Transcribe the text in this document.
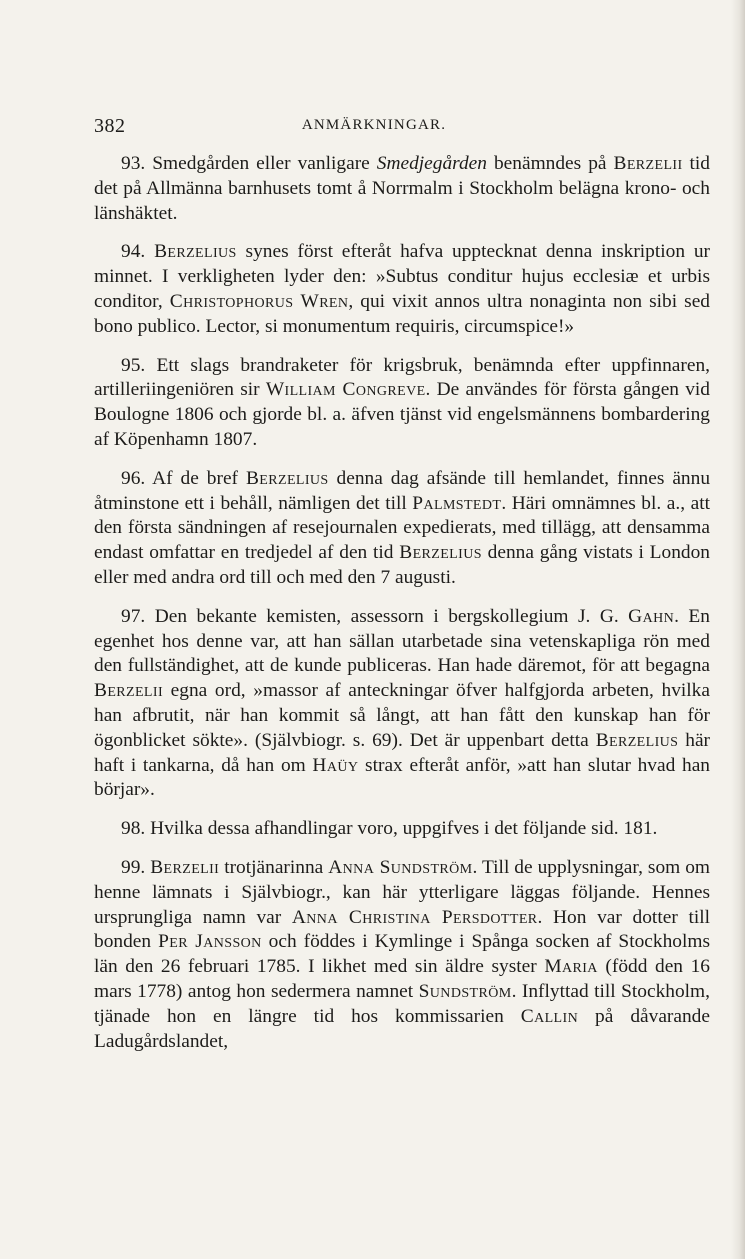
382	ANMÄRKNINGAR.

93. Smedgården eller vanligare Smedjegården benämndes på Berzelii tid det på Allmänna barnhusets tomt å Norrmalm i Stockholm belägna krono- och länshäktet.

94. Berzelius synes först efteråt hafva upptecknat denna inskription ur minnet. I verkligheten lyder den: »Subtus conditur hujus ecclesiæ et urbis conditor, Christophorus Wren, qui vixit annos ultra nonaginta non sibi sed bono publico. Lector, si monumentum requiris, circumspice!»

95. Ett slags brandraketer för krigsbruk, benämnda efter uppfinnaren, artilleriingeniören sir William Congreve. De användes för första gången vid Boulogne 1806 och gjorde bl. a. äfven tjänst vid engelsmännens bombardering af Köpenhamn 1807.

96. Af de bref Berzelius denna dag afsände till hemlandet, finnes ännu åtminstone ett i behåll, nämligen det till Palmstedt. Häri omnämnes bl. a., att den första sändningen af resejournalen expedierats, med tillägg, att densamma endast omfattar en tredjedel af den tid Berzelius denna gång vistats i London eller med andra ord till och med den 7 augusti.

97. Den bekante kemisten, assessorn i bergskollegium J. G. Gahn. En egenhet hos denne var, att han sällan utarbetade sina vetenskapliga rön med den fullständighet, att de kunde publiceras. Han hade däremot, för att begagna Berzelii egna ord, »massor af anteckningar öfver halfgjorda arbeten, hvilka han afbrutit, när han kommit så långt, att han fått den kunskap han för ögonblicket sökte». (Självbiogr. s. 69). Det är uppenbart detta Berzelius här haft i tankarna, då han om Haüy strax efteråt anför, »att han slutar hvad han börjar».

98. Hvilka dessa afhandlingar voro, uppgifves i det följande sid. 181.

99. Berzelii trotjänarinna Anna Sundström. Till de upplysningar, som om henne lämnats i Självbiogr., kan här ytterligare läggas följande. Hennes ursprungliga namn var Anna Christina Persdotter. Hon var dotter till bonden Per Jansson och föddes i Kymlinge i Spånga socken af Stockholms län den 26 februari 1785. I likhet med sin äldre syster Maria (född den 16 mars 1778) antog hon sedermera namnet Sundström. Inflyttad till Stockholm, tjänade hon en längre tid hos kommissarien Callin på dåvarande Ladugårdslandet,
